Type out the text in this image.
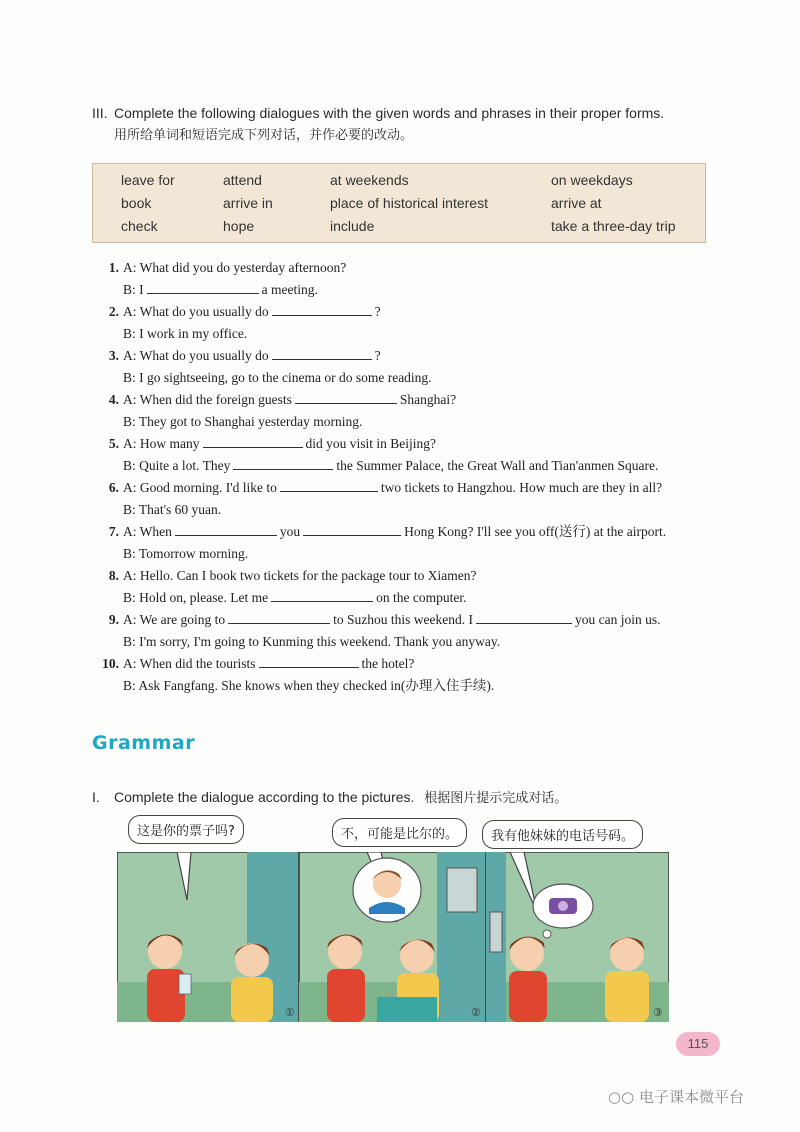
III. Complete the following dialogues with the given words and phrases in their proper forms.
用所给单词和短语完成下列对话，并作必要的改动。
leave for	attend	at weekends	on weekdays
book	arrive in	place of historical interest	arrive at
check	hope	include	take a three-day trip
1. A: What did you do yesterday afternoon?
B: I	a meeting.
2. A: What do you usually do	?
B: I work in my office.
3. A: What do you usually do	?
B: I go sightseeing, go to the cinema or do some reading.
4. A: When did the foreign guests	Shanghai?
B: They got to Shanghai yesterday morning.
5. A: How many	did you visit in Beijing?
B: Quite a lot. They	the Summer Palace, the Great Wall and Tian'anmen Square.
6. A: Good morning. I'd like to	two tickets to Hangzhou. How much are they in all?
B: That's 60 yuan.
7. A: When	you	Hong Kong? I'll see you off(送行) at the airport.
B: Tomorrow morning.
8. A: Hello. Can I book two tickets for the package tour to Xiamen?
B: Hold on, please. Let me	on the computer.
9. A: We are going to	to Suzhou this weekend. I	you can join us.
B: I'm sorry, I'm going to Kunming this weekend. Thank you anyway.
10. A: When did the tourists	the hotel?
B: Ask Fangfang. She knows when they checked in(办理入住手续).
Grammar
I. Complete the dialogue according to the pictures. 根据图片提示完成对话。
这是你的票子吗?	不，可能是比尔的。	我有他妹妹的电话号码。
①	②	③
115
○○ 电子课本微平台
